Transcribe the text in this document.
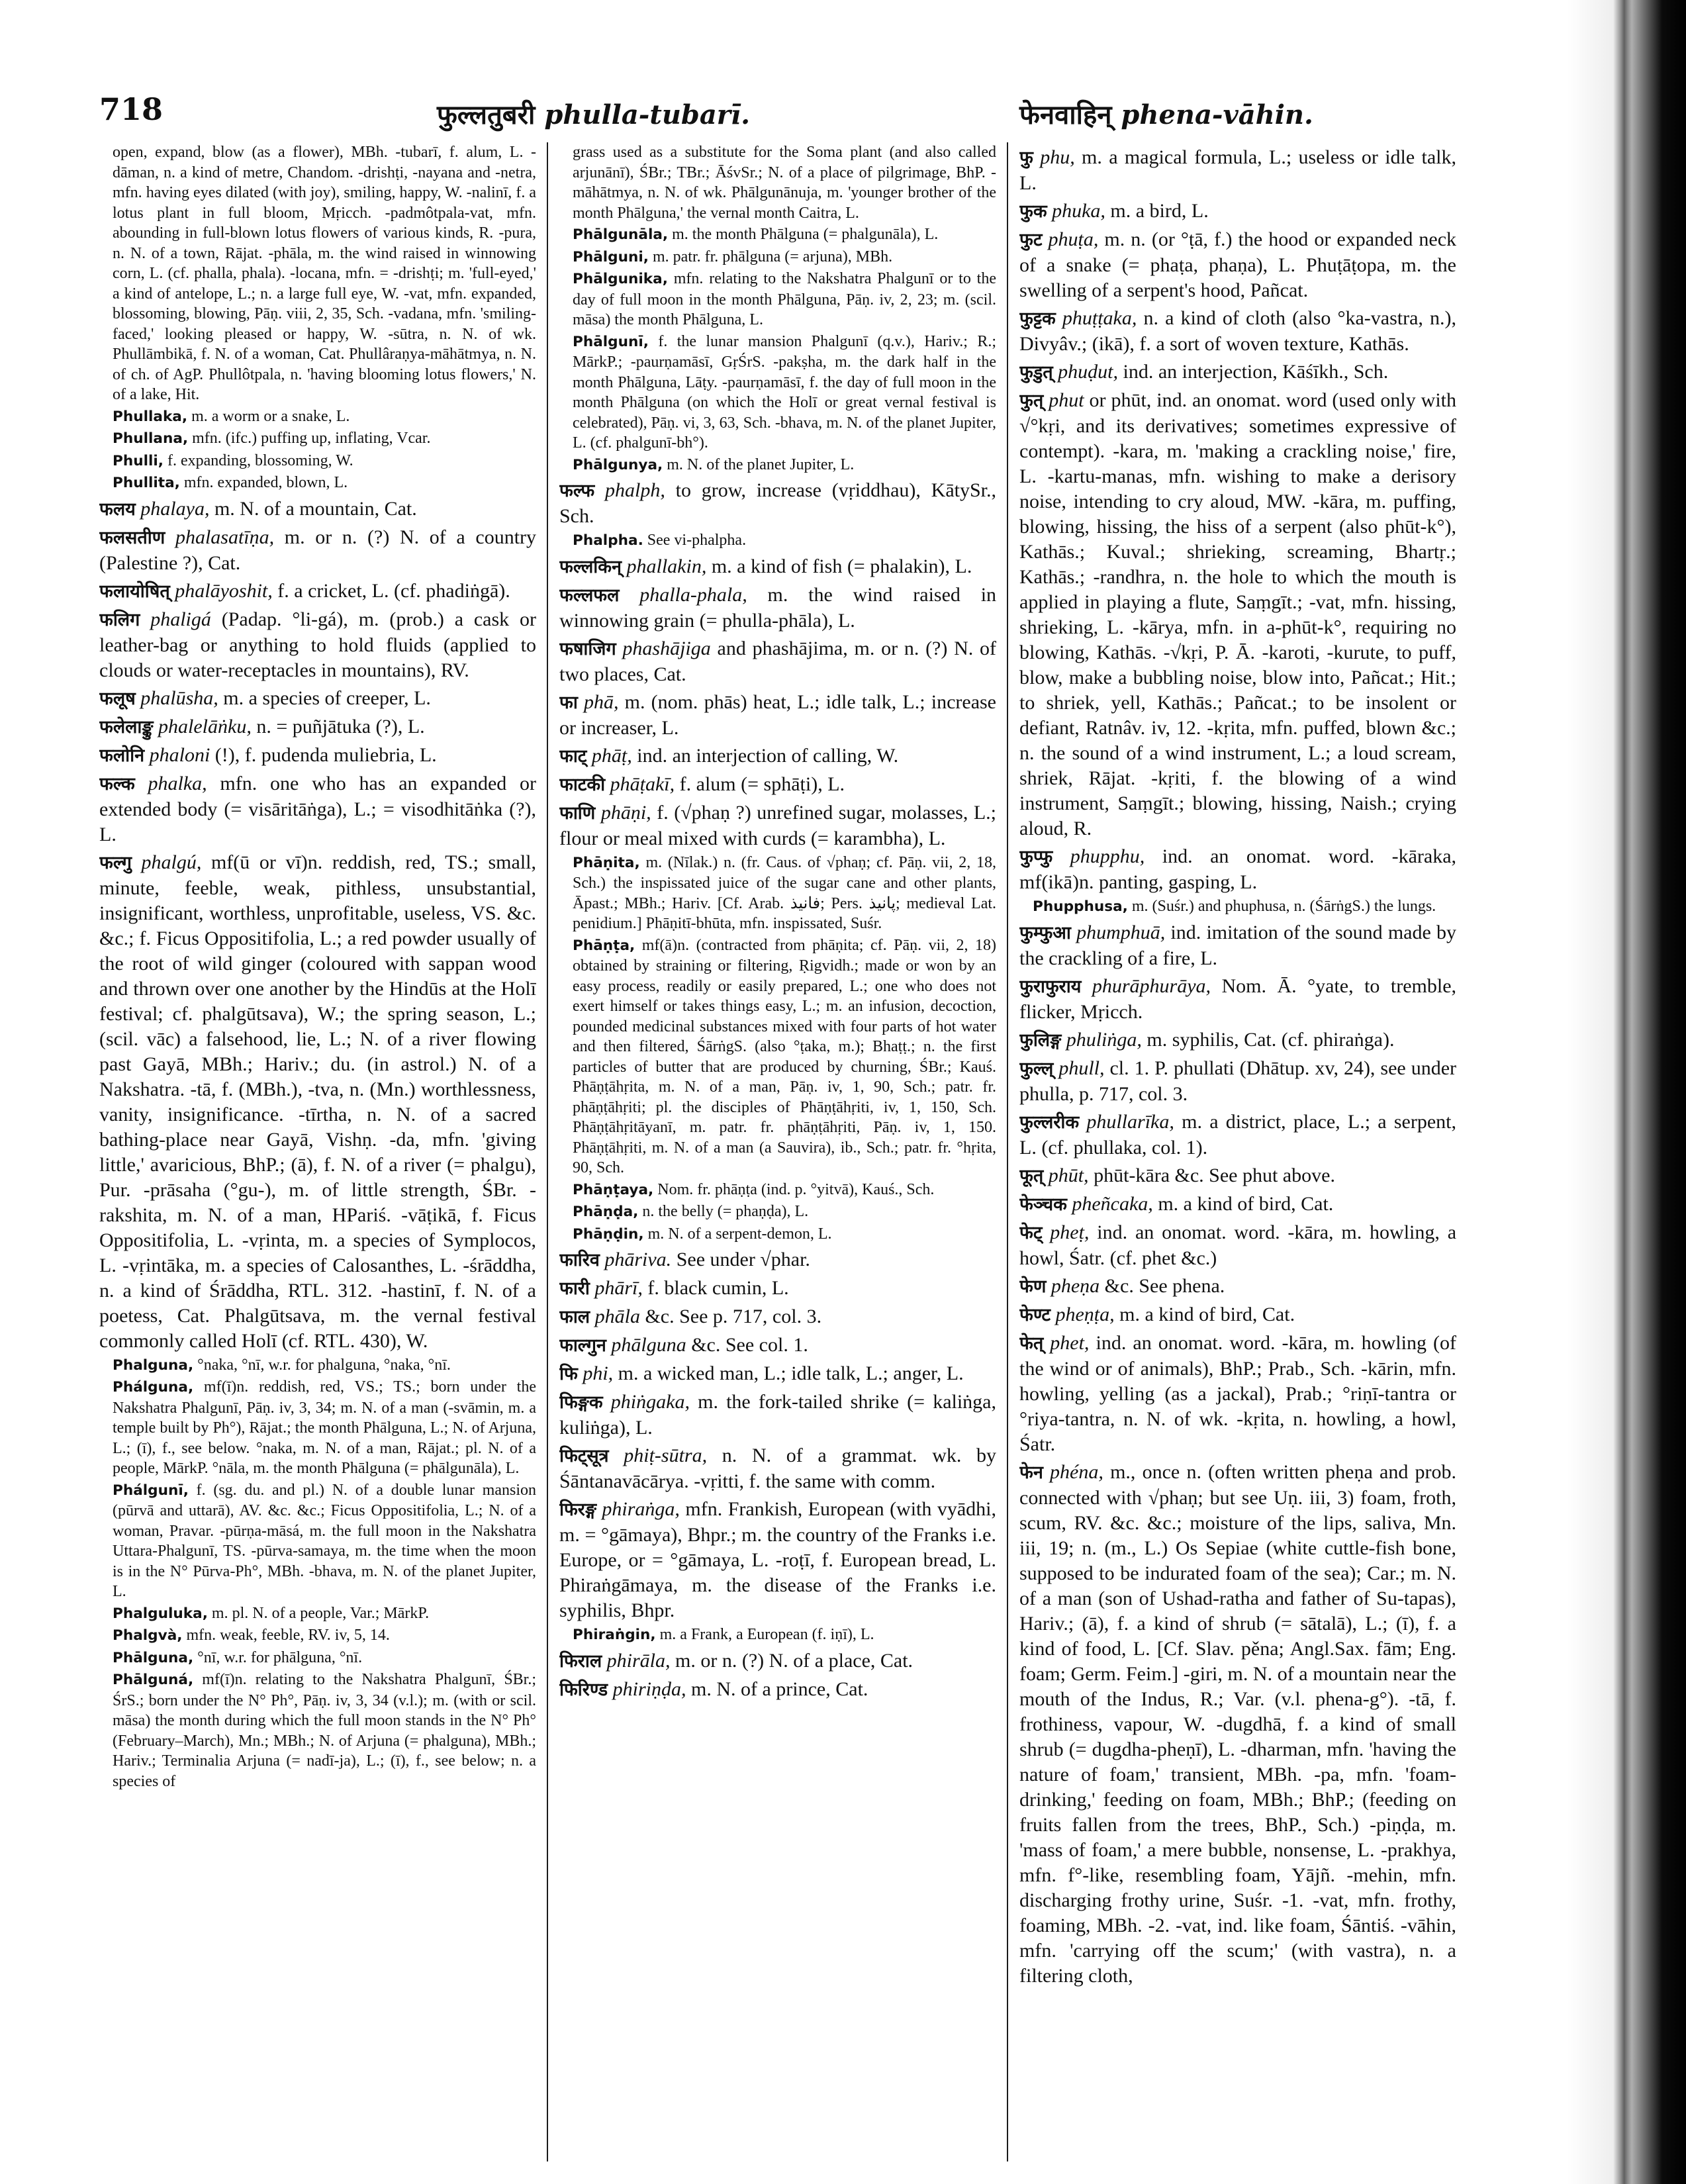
718	फुल्लतुबरी phulla-tubarī.	फेनवाहिन् phena-vāhin.

open, expand, blow (as a flower), MBh. -tubarī, f. alum, L. -dāman, n. a kind of metre, Chandom. -drishṭi, -nayana and -netra, mfn. having eyes dilated (with joy), smiling, happy, W. -nalinī, f. a lotus plant in full bloom, Mṛicch. -padmôtpala-vat, mfn. abounding in full-blown lotus flowers of various kinds, R. -pura, n. N. of a town, Rājat. -phāla, m. the wind raised in winnowing corn, L. (cf. phalla, phala). -locana, mfn. = -drishṭi; m. 'full-eyed,' a kind of antelope, L.; n. a large full eye, W. -vat, mfn. expanded, blossoming, blowing, Pāṇ. viii, 2, 35, Sch. -vadana, mfn. 'smiling-faced,' looking pleased or happy, W. -sūtra, n. N. of wk. Phullāmbikā, f. N. of a woman, Cat. Phullâraṇya-māhātmya, n. N. of ch. of AgP. Phullôtpala, n. 'having blooming lotus flowers,' N. of a lake, Hit.

Phullaka, m. a worm or a snake, L.

Phullana, mfn. (ifc.) puffing up, inflating, Vcar.

Phulli, f. expanding, blossoming, W.

Phullita, mfn. expanded, blown, L.

फलय phalaya, m. N. of a mountain, Cat.

फलसतीण phalasatīṇa, m. or n. (?) N. of a country (Palestine ?), Cat.

फलायोषित् phalāyoshit, f. a cricket, L. (cf. phadiṅgā).

फलिग phaligá (Padap. °li-gá), m. (prob.) a cask or leather-bag or anything to hold fluids (applied to clouds or water-receptacles in mountains), RV.

फलूष phalūsha, m. a species of creeper, L.

फलेलाङ्कु phalelāṅku, n. = puñjātuka (?), L.

फलोनि phaloni (!), f. pudenda muliebria, L.

फल्क phalka, mfn. one who has an expanded or extended body (= visāritāṅga), L.; = visodhitāṅka (?), L.

फल्गु phalgú, mf(ū or vī)n. reddish, red, TS.; small, minute, feeble, weak, pithless, unsubstantial, insignificant, worthless, unprofitable, useless, VS. &c. &c.; f. Ficus Oppositifolia, L.; a red powder usually of the root of wild ginger (coloured with sappan wood and thrown over one another by the Hindūs at the Holī festival; cf. phalgūtsava), W.; the spring season, L.; (scil. vāc) a falsehood, lie, L.; N. of a river flowing past Gayā, MBh.; Hariv.; du. (in astrol.) N. of a Nakshatra. -tā, f. (MBh.), -tva, n. (Mn.) worthlessness, vanity, insignificance. -tīrtha, n. N. of a sacred bathing-place near Gayā, Vishṇ. -da, mfn. 'giving little,' avaricious, BhP.; (ā), f. N. of a river (= phalgu), Pur. -prāsaha (°gu-), m. of little strength, ŚBr. -rakshita, m. N. of a man, HPariś. -vāṭikā, f. Ficus Oppositifolia, L. -vṛinta, m. a species of Symplocos, L. -vṛintāka, m. a species of Calosanthes, L. -śrāddha, n. a kind of Śrāddha, RTL. 312. -hastinī, f. N. of a poetess, Cat. Phalgūtsava, m. the vernal festival commonly called Holī (cf. RTL. 430), W.

Phalguna, °naka, °nī, w.r. for phalguna, °naka, °nī.

Phálguna, mf(ī)n. reddish, red, VS.; TS.; born under the Nakshatra Phalgunī, Pāṇ. iv, 3, 34; m. N. of a man (-svāmin, m. a temple built by Ph°), Rājat.; the month Phālguna, L.; N. of Arjuna, L.; (ī), f., see below. °naka, m. N. of a man, Rājat.; pl. N. of a people, MārkP. °nāla, m. the month Phālguna (= phālgunāla), L.

Phálgunī, f. (sg. du. and pl.) N. of a double lunar mansion (pūrvā and uttarā), AV. &c. &c.; Ficus Oppositifolia, L.; N. of a woman, Pravar. -pūrṇa-māsá, m. the full moon in the Nakshatra Uttara-Phalgunī, TS. -pūrva-samaya, m. the time when the moon is in the N° Pūrva-Ph°, MBh. -bhava, m. N. of the planet Jupiter, L.

Phalguluka, m. pl. N. of a people, Var.; MārkP.

Phalgvà, mfn. weak, feeble, RV. iv, 5, 14.

Phālguna, °nī, w.r. for phālguna, °nī.

Phālguná, mf(ī)n. relating to the Nakshatra Phalgunī, ŚBr.; ŚrS.; born under the N° Ph°, Pāṇ. iv, 3, 34 (v.l.); m. (with or scil. māsa) the month during which the full moon stands in the N° Ph° (February–March), Mn.; MBh.; N. of Arjuna (= phalguna), MBh.; Hariv.; Terminalia Arjuna (= nadī-ja), L.; (ī), f., see below; n. a species of

grass used as a substitute for the Soma plant (and also called arjunānī), ŚBr.; TBr.; ĀśvSr.; N. of a place of pilgrimage, BhP. -māhātmya, n. N. of wk. Phālgunānuja, m. 'younger brother of the month Phālguna,' the vernal month Caitra, L.

Phālgunāla, m. the month Phālguna (= phalgunāla), L.

Phālguni, m. patr. fr. phālguna (= arjuna), MBh.

Phālgunika, mfn. relating to the Nakshatra Phalgunī or to the day of full moon in the month Phālguna, Pāṇ. iv, 2, 23; m. (scil. māsa) the month Phālguna, L.

Phālgunī, f. the lunar mansion Phalgunī (q.v.), Hariv.; R.; MārkP.; -paurṇamāsī, GṛŚrS. -pakṣha, m. the dark half in the month Phālguna, Lāṭy. -paurṇamāsī, f. the day of full moon in the month Phālguna (on which the Holī or great vernal festival is celebrated), Pāṇ. vi, 3, 63, Sch. -bhava, m. N. of the planet Jupiter, L. (cf. phalgunī-bh°).

Phālgunya, m. N. of the planet Jupiter, L.

फल्फ phalph, to grow, increase (vṛiddhau), KātySr., Sch.

Phalpha. See vi-phalpha.

फल्लकिन् phallakin, m. a kind of fish (= phalakin), L.

फल्लफल phalla-phala, m. the wind raised in winnowing grain (= phulla-phāla), L.

फषाजिग phashājiga and phashājima, m. or n. (?) N. of two places, Cat.

फा phā, m. (nom. phās) heat, L.; idle talk, L.; increase or increaser, L.

फाट् phāṭ, ind. an interjection of calling, W.

फाटकी phāṭakī, f. alum (= sphāṭi), L.

फाणि phāṇi, f. (√phaṇ ?) unrefined sugar, molasses, L.; flour or meal mixed with curds (= karambha), L.

Phāṇita, m. (Nīlak.) n. (fr. Caus. of √phaṇ; cf. Pāṇ. vii, 2, 18, Sch.) the inspissated juice of the sugar cane and other plants, Āpast.; MBh.; Hariv. [Cf. Arab. فانيذ; Pers. پانيذ; medieval Lat. penidium.] Phāṇitī-bhūta, mfn. inspissated, Suśr.

Phāṇṭa, mf(ā)n. (contracted from phāṇita; cf. Pāṇ. vii, 2, 18) obtained by straining or filtering, Ṛigvidh.; made or won by an easy process, readily or easily prepared, L.; one who does not exert himself or takes things easy, L.; m. an infusion, decoction, pounded medicinal substances mixed with four parts of hot water and then filtered, ŚārṅgS. (also °ṭaka, m.); Bhaṭṭ.; n. the first particles of butter that are produced by churning, ŚBr.; Kauś. Phāṇṭāhṛita, m. N. of a man, Pāṇ. iv, 1, 90, Sch.; patr. fr. phāṇṭāhṛiti; pl. the disciples of Phāṇṭāhṛiti, iv, 1, 150, Sch. Phāṇṭāhṛitāyanī, m. patr. fr. phāṇṭāhṛiti, Pāṇ. iv, 1, 150. Phāṇṭāhṛiti, m. N. of a man (a Sauvira), ib., Sch.; patr. fr. °hṛita, 90, Sch.

Phāṇṭaya, Nom. fr. phāṇṭa (ind. p. °yitvā), Kauś., Sch.

Phāṇḍa, n. the belly (= phaṇḍa), L.

Phāṇḍin, m. N. of a serpent-demon, L.

फारिव phāriva. See under √phar.

फारी phārī, f. black cumin, L.

फाल phāla &c. See p. 717, col. 3.

फाल्गुन phālguna &c. See col. 1.

फि phi, m. a wicked man, L.; idle talk, L.; anger, L.

फिङ्गक phiṅgaka, m. the fork-tailed shrike (= kaliṅga, kuliṅga), L.

फिट्सूत्र phiṭ-sūtra, n. N. of a grammat. wk. by Śāntanavācārya. -vṛitti, f. the same with comm.

फिरङ्ग phiraṅga, mfn. Frankish, European (with vyādhi, m. = °gāmaya), Bhpr.; m. the country of the Franks i.e. Europe, or = °gāmaya, L. -roṭī, f. European bread, L. Phiraṅgāmaya, m. the disease of the Franks i.e. syphilis, Bhpr.

Phiraṅgin, m. a Frank, a European (f. iṇī), L.

फिराल phirāla, m. or n. (?) N. of a place, Cat.

फिरिण्ड phiriṇḍa, m. N. of a prince, Cat.

फु phu, m. a magical formula, L.; useless or idle talk, L.

फुक phuka, m. a bird, L.

फुट phuṭa, m. n. (or °ṭā, f.) the hood or expanded neck of a snake (= phaṭa, phaṇa), L. Phuṭāṭopa, m. the swelling of a serpent's hood, Pañcat.

फुट्टक phuṭṭaka, n. a kind of cloth (also °ka-vastra, n.), Divyâv.; (ikā), f. a sort of woven texture, Kathās.

फुडुत् phuḍut, ind. an interjection, Kāśīkh., Sch.

फुत् phut or phūt, ind. an onomat. word (used only with √°kṛi, and its derivatives; sometimes expressive of contempt). -kara, m. 'making a crackling noise,' fire, L. -kartu-manas, mfn. wishing to make a derisory noise, intending to cry aloud, MW. -kāra, m. puffing, blowing, hissing, the hiss of a serpent (also phūt-k°), Kathās.; Kuval.; shrieking, screaming, Bhartṛ.; Kathās.; -randhra, n. the hole to which the mouth is applied in playing a flute, Saṃgīt.; -vat, mfn. hissing, shrieking, L. -kārya, mfn. in a-phūt-k°, requiring no blowing, Kathās. -√kṛi, P. Ā. -karoti, -kurute, to puff, blow, make a bubbling noise, blow into, Pañcat.; Hit.; to shriek, yell, Kathās.; Pañcat.; to be insolent or defiant, Ratnâv. iv, 12. -kṛita, mfn. puffed, blown &c.; n. the sound of a wind instrument, L.; a loud scream, shriek, Rājat. -kṛiti, f. the blowing of a wind instrument, Saṃgīt.; blowing, hissing, Naish.; crying aloud, R.

फुप्फु phupphu, ind. an onomat. word. -kāraka, mf(ikā)n. panting, gasping, L.

Phupphusa, m. (Suśr.) and phuphusa, n. (ŚārṅgS.) the lungs.

फुम्फुआ phumphuā, ind. imitation of the sound made by the crackling of a fire, L.

फुराफुराय phurāphurāya, Nom. Ā. °yate, to tremble, flicker, Mṛicch.

फुलिङ्ग phuliṅga, m. syphilis, Cat. (cf. phiraṅga).

फुल्ल् phull, cl. 1. P. phullati (Dhātup. xv, 24), see under phulla, p. 717, col. 3.

फुल्लरीक phullarīka, m. a district, place, L.; a serpent, L. (cf. phullaka, col. 1).

फूत् phūt, phūt-kāra &c. See phut above.

फेञ्चक pheñcaka, m. a kind of bird, Cat.

फेट् pheṭ, ind. an onomat. word. -kāra, m. howling, a howl, Śatr. (cf. phet &c.)

फेण pheṇa &c. See phena.

फेण्ट pheṇṭa, m. a kind of bird, Cat.

फेत् phet, ind. an onomat. word. -kāra, m. howling (of the wind or of animals), BhP.; Prab., Sch. -kārin, mfn. howling, yelling (as a jackal), Prab.; °riṇī-tantra or °riya-tantra, n. N. of wk. -kṛita, n. howling, a howl, Śatr.

फेन phéna, m., once n. (often written pheṇa and prob. connected with √phaṇ; but see Uṇ. iii, 3) foam, froth, scum, RV. &c. &c.; moisture of the lips, saliva, Mn. iii, 19; n. (m., L.) Os Sepiae (white cuttle-fish bone, supposed to be indurated foam of the sea); Car.; m. N. of a man (son of Ushad-ratha and father of Su-tapas), Hariv.; (ā), f. a kind of shrub (= sātalā), L.; (ī), f. a kind of food, L. [Cf. Slav. pěna; Angl.Sax. fām; Eng. foam; Germ. Feim.] -giri, m. N. of a mountain near the mouth of the Indus, R.; Var. (v.l. phena-g°). -tā, f. frothiness, vapour, W. -dugdhā, f. a kind of small shrub (= dugdha-pheṇī), L. -dharman, mfn. 'having the nature of foam,' transient, MBh. -pa, mfn. 'foam-drinking,' feeding on foam, MBh.; BhP.; (feeding on fruits fallen from the trees, BhP., Sch.) -piṇḍa, m. 'mass of foam,' a mere bubble, nonsense, L. -prakhya, mfn. f°-like, resembling foam, Yājñ. -mehin, mfn. discharging frothy urine, Suśr. -1. -vat, mfn. frothy, foaming, MBh. -2. -vat, ind. like foam, Śāntiś. -vāhin, mfn. 'carrying off the scum;' (with vastra), n. a filtering cloth,
